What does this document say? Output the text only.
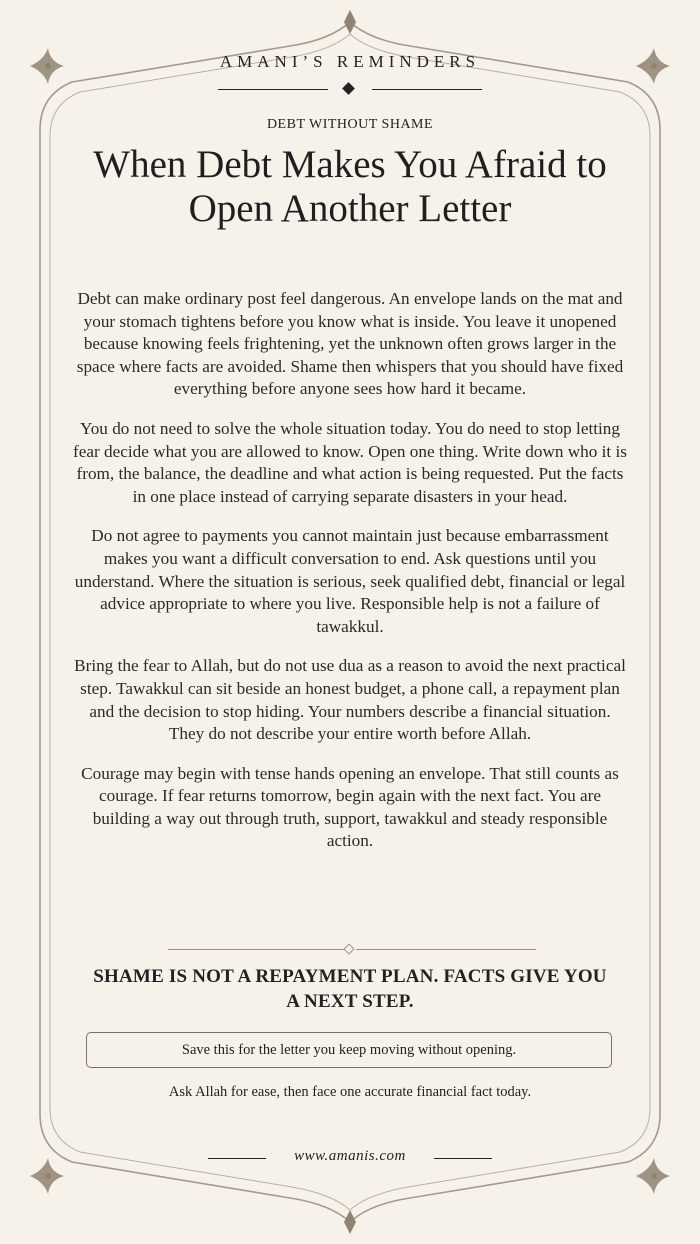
AMANI’S REMINDERS
DEBT WITHOUT SHAME
When Debt Makes You Afraid to Open Another Letter

Debt can make ordinary post feel dangerous. An envelope lands on the mat and your stomach tightens before you know what is inside. You leave it unopened because knowing feels frightening, yet the unknown often grows larger in the space where facts are avoided. Shame then whispers that you should have fixed everything before anyone sees how hard it became.

You do not need to solve the whole situation today. You do need to stop letting fear decide what you are allowed to know. Open one thing. Write down who it is from, the balance, the deadline and what action is being requested. Put the facts in one place instead of carrying separate disasters in your head.

Do not agree to payments you cannot maintain just because embarrassment makes you want a difficult conversation to end. Ask questions until you understand. Where the situation is serious, seek qualified debt, financial or legal advice appropriate to where you live. Responsible help is not a failure of tawakkul.

Bring the fear to Allah, but do not use dua as a reason to avoid the next practical step. Tawakkul can sit beside an honest budget, a phone call, a repayment plan and the decision to stop hiding. Your numbers describe a financial situation. They do not describe your entire worth before Allah.

Courage may begin with tense hands opening an envelope. That still counts as courage. If fear returns tomorrow, begin again with the next fact. You are building a way out through truth, support, tawakkul and steady responsible action.

SHAME IS NOT A REPAYMENT PLAN. FACTS GIVE YOU A NEXT STEP.
Save this for the letter you keep moving without opening.
Ask Allah for ease, then face one accurate financial fact today.
www.amanis.com
